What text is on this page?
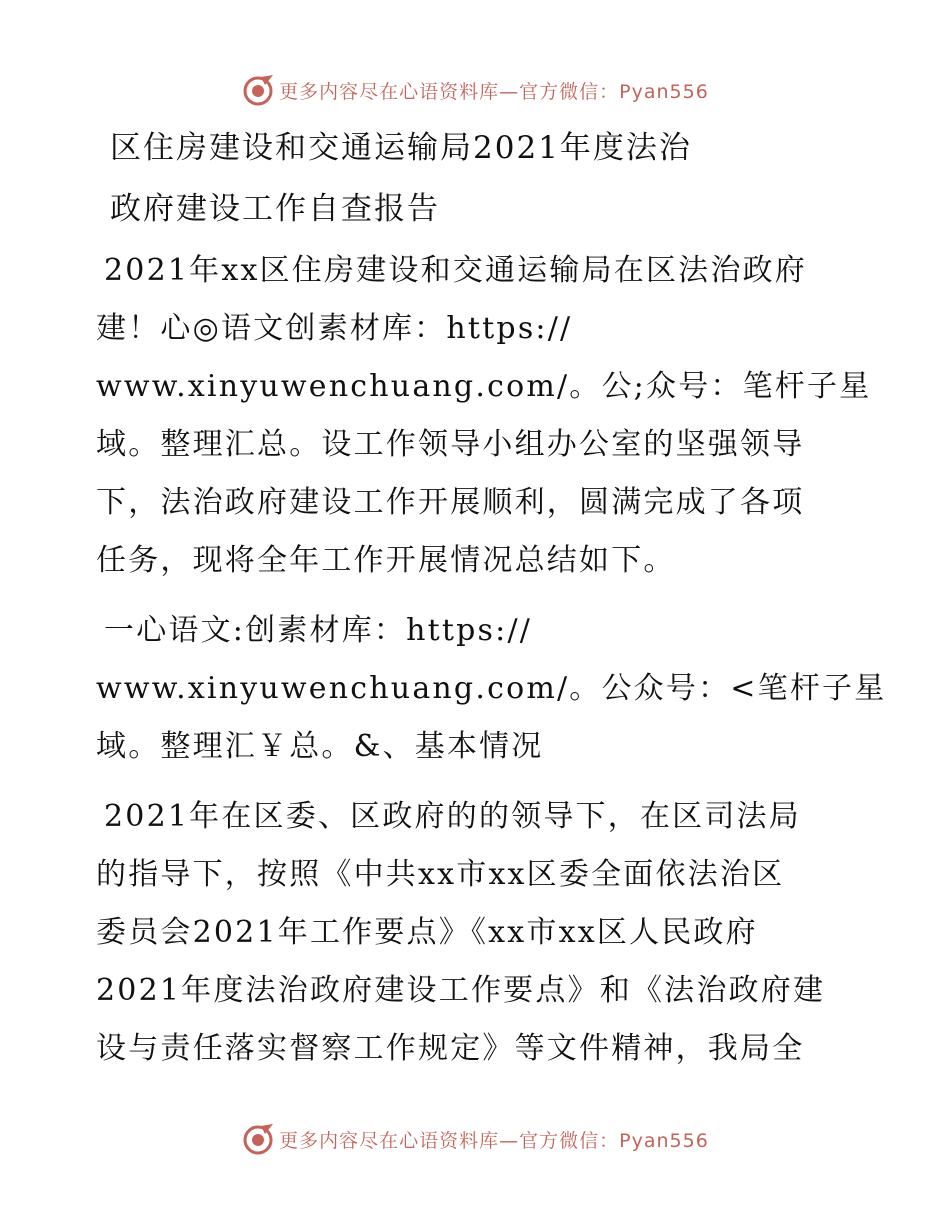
更多内容尽在心语资料库—官方微信：Pyan556
区住房建设和交通运输局2021年度法治
政府建设工作自查报告
2021年xx区住房建设和交通运输局在区法治政府
建！心◎语文创素材库：https://
www.xinyuwenchuang.com/。公;众号：笔杆子星
域。整理汇总。设工作领导小组办公室的坚强领导
下，法治政府建设工作开展顺利，圆满完成了各项
任务，现将全年工作开展情况总结如下。
一心语文:创素材库：https://
www.xinyuwenchuang.com/。公众号：<笔杆子星
域。整理汇￥总。&、基本情况
2021年在区委、区政府的的领导下，在区司法局
的指导下，按照《中共xx市xx区委全面依法治区
委员会2021年工作要点》《xx市xx区人民政府
2021年度法治政府建设工作要点》和《法治政府建
设与责任落实督察工作规定》等文件精神，我局全
更多内容尽在心语资料库—官方微信：Pyan556
